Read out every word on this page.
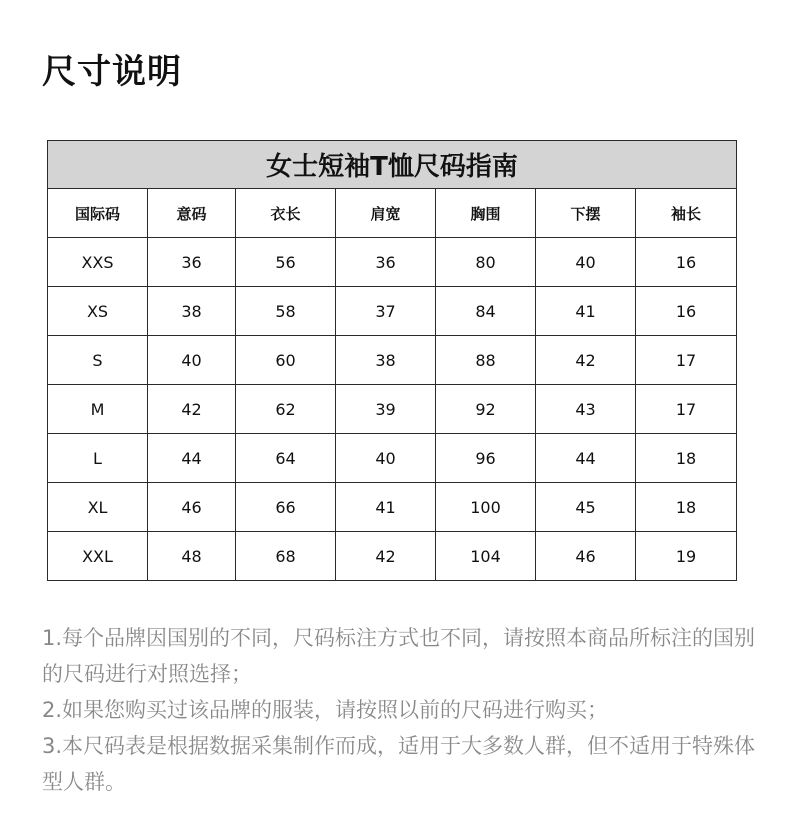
尺寸说明
女士短袖T恤尺码指南						
国际码	意码	衣长	肩宽	胸围	下摆	袖长
XXS	36	56	36	80	40	16
XS	38	58	37	84	41	16
S	40	60	38	88	42	17
M	42	62	39	92	43	17
L	44	64	40	96	44	18
XL	46	66	41	100	45	18
XXL	48	68	42	104	46	19

1.每个品牌因国别的不同，尺码标注方式也不同，请按照本商品所标注的国别的尺码进行对照选择；

2.如果您购买过该品牌的服装，请按照以前的尺码进行购买；

3.本尺码表是根据数据采集制作而成，适用于大多数人群，但不适用于特殊体型人群。
